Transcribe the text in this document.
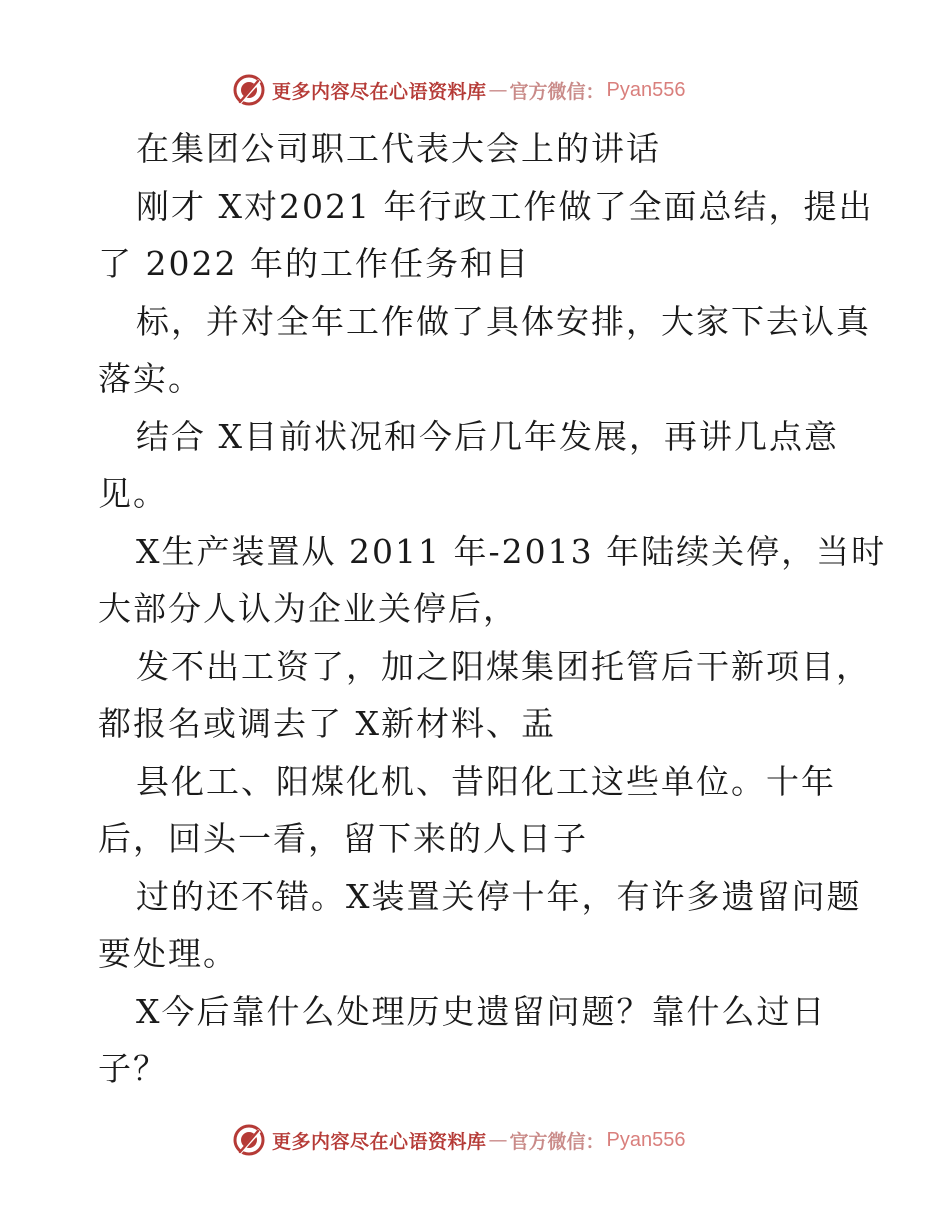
更多内容尽在心语资料库 — 官方微信： Pyan556
在集团公司职工代表大会上的讲话
刚才 X对2021 年行政工作做了全面总结，提出
了 2022 年的工作任务和目
标，并对全年工作做了具体安排，大家下去认真
落实。
结合 X目前状况和今后几年发展，再讲几点意
见。
X生产装置从 2011 年-2013 年陆续关停，当时
大部分人认为企业关停后，
发不出工资了，加之阳煤集团托管后干新项目，
都报名或调去了 X新材料、盂
县化工、阳煤化机、昔阳化工这些单位。十年
后，回头一看，留下来的人日子
过的还不错。X装置关停十年，有许多遗留问题
要处理。
X今后靠什么处理历史遗留问题？靠什么过日
子？
更多内容尽在心语资料库 — 官方微信： Pyan556
